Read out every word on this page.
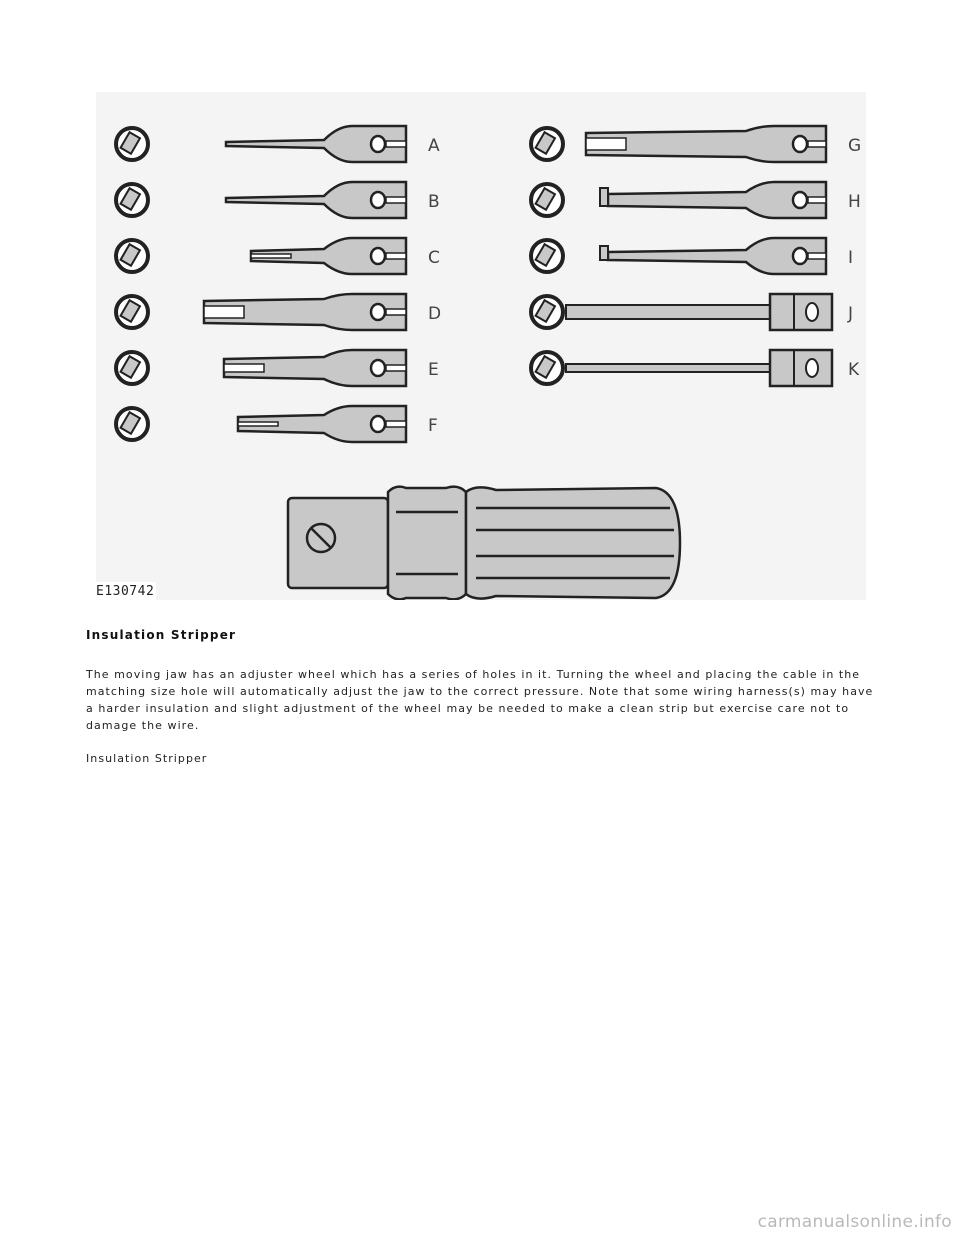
A
B
C
D
E
F
G
H
I
J
K
E130742
Insulation Stripper

The moving jaw has an adjuster wheel which has a series of holes in it. Turning the wheel and placing the cable in the matching size hole will automatically adjust the jaw to the correct pressure. Note that some wiring harness(s) may have a harder insulation and slight adjustment of the wheel may be needed to make a clean strip but exercise care not to damage the wire.

Insulation Stripper

carmanualsonline.info
